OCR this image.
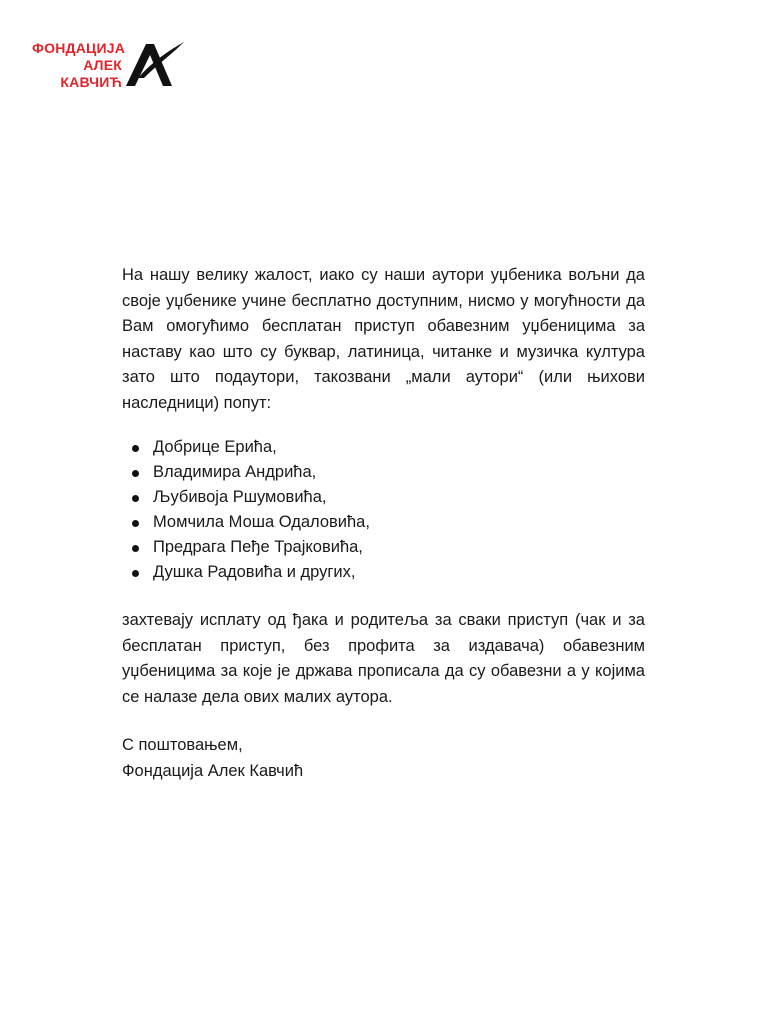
ФОНДАЦИЈА
АЛЕК
КАВЧИЋ

На нашу велику жалост, иако су наши аутори уџбеника вољни да своје уџбенике учине бесплатно доступним, нисмо у могућности да Вам омогућимо бесплатан приступ обавезним уџбеницима за наставу као што су буквар, латиница, читанке и музичка култура зато што подаутори, такозвани „мали аутори“ (или њихови наследници) попут:

Добрице Ерића,
Владимира Андрића,
Љубивоја Ршумовића,
Момчила Моша Одаловића,
Предрага Пеђе Трајковића,
Душка Радовића и других,

захтевају исплату од ђака и родитеља за сваки приступ (чак и за бесплатан приступ, без профита за издавача) обавезним уџбеницима за које је држава прописала да су обавезни а у којима се налазе дела ових малих аутора.

С поштовањем,
Фондација Алек Кавчић
